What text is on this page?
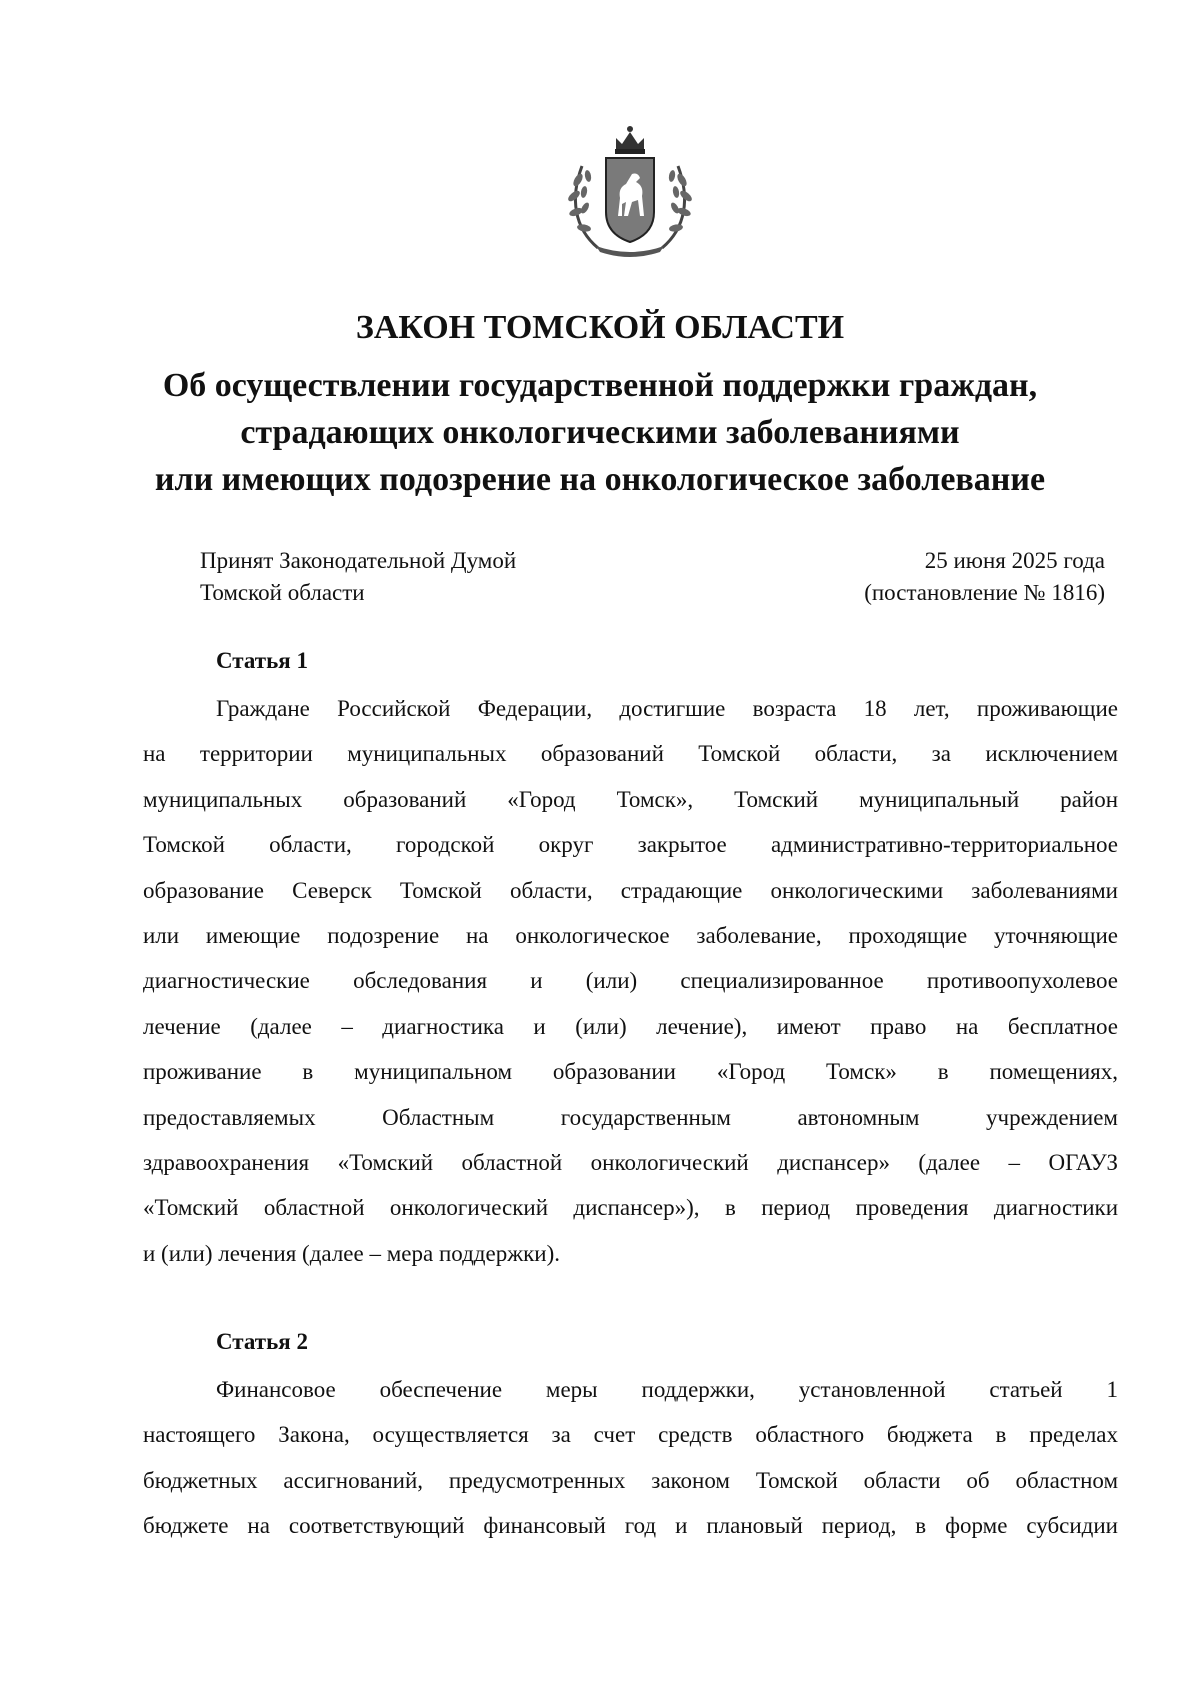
ЗАКОН ТОМСКОЙ ОБЛАСТИ
Об осуществлении государственной поддержки граждан,
страдающих онкологическими заболеваниями
или имеющих подозрение на онкологическое заболевание
Принят Законодательной Думой
Томской области
25 июня 2025 года
(постановление № 1816)
Статья 1
Граждане Российской Федерации, достигшие возраста 18 лет, проживающие
на территории муниципальных образований Томской области, за исключением
муниципальных образований «Город Томск», Томский муниципальный район
Томской области, городской округ закрытое административно-территориальное
образование Северск Томской области, страдающие онкологическими заболеваниями
или имеющие подозрение на онкологическое заболевание, проходящие уточняющие
диагностические обследования и (или) специализированное противоопухолевое
лечение (далее – диагностика и (или) лечение), имеют право на бесплатное
проживание в муниципальном образовании «Город Томск» в помещениях,
предоставляемых Областным государственным автономным учреждением
здравоохранения «Томский областной онкологический диспансер» (далее – ОГАУЗ
«Томский областной онкологический диспансер»), в период проведения диагностики
и (или) лечения (далее – мера поддержки).
Статья 2
Финансовое обеспечение меры поддержки, установленной статьей 1
настоящего Закона, осуществляется за счет средств областного бюджета в пределах
бюджетных ассигнований, предусмотренных законом Томской области об областном
бюджете на соответствующий финансовый год и плановый период, в форме субсидии
